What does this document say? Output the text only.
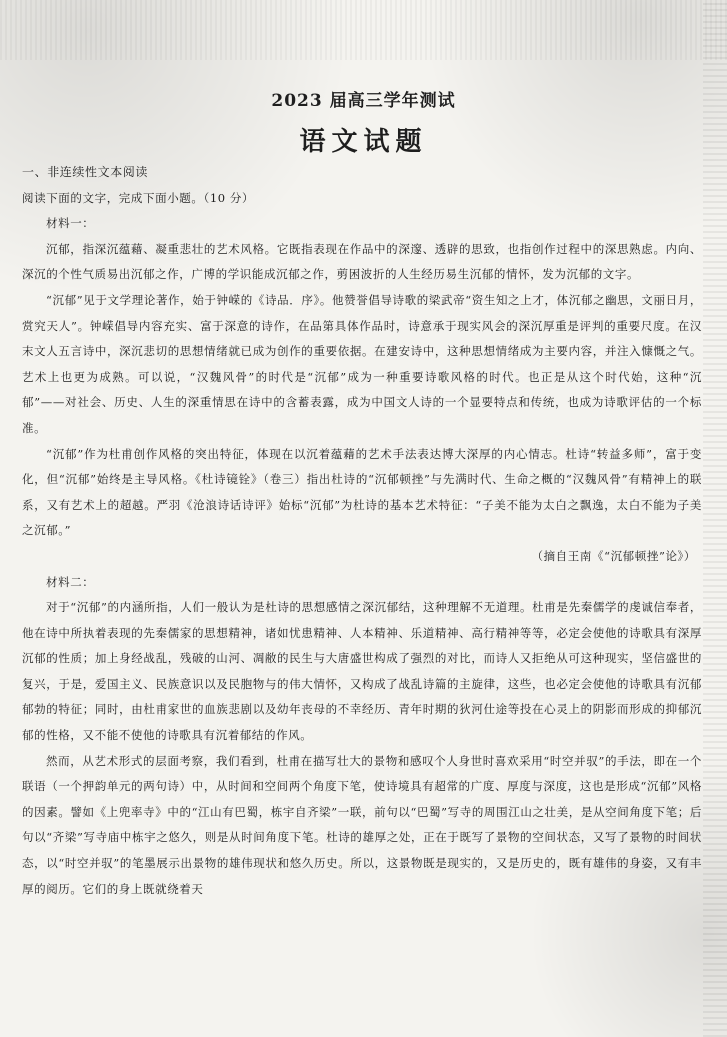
2023 届高三学年测试
语文试题

一、非连续性文本阅读

阅读下面的文字，完成下面小题。（10 分）

材料一：

沉郁，指深沉蕴藉、凝重悲壮的艺术风格。它既指表现在作品中的深邃、透辟的思致，也指创作过程中的深思熟虑。内向、深沉的个性气质易出沉郁之作，广博的学识能成沉郁之作，剪困波折的人生经历易生沉郁的情怀，发为沉郁的文字。

“沉郁”见于文学理论著作，始于钟嵘的《诗品．序》。他赞誉倡导诗歌的梁武帝“资生知之上才，体沉郁之幽思，文丽日月，赏究天人”。钟嵘倡导内容充实、富于深意的诗作，在品第具体作品时，诗意承于现实风会的深沉厚重是评判的重要尺度。在汉末文人五言诗中，深沉悲切的思想情绪就已成为创作的重要依据。在建安诗中，这种思想情绪成为主要内容，并注入慷慨之气。艺术上也更为成熟。可以说，“汉魏风骨”的时代是“沉郁”成为一种重要诗歌风格的时代。也正是从这个时代始，这种“沉郁”——对社会、历史、人生的深重情思在诗中的含蓄表露，成为中国文人诗的一个显要特点和传统，也成为诗歌评估的一个标准。

“沉郁”作为杜甫创作风格的突出特征，体现在以沉着蕴藉的艺术手法表达博大深厚的内心情志。杜诗“转益多师”，富于变化，但“沉郁”始终是主导风格。《杜诗镜铨》（卷三）指出杜诗的“沉郁顿挫”与先满时代、生命之概的“汉魏风骨”有精神上的联系，又有艺术上的超越。严羽《沧浪诗话诗评》始标“沉郁”为杜诗的基本艺术特征：“子美不能为太白之飘逸，太白不能为子美之沉郁。”

（摘自王南《“沉郁顿挫”论》）

材料二：

对于“沉郁”的内涵所指，人们一般认为是杜诗的思想感情之深沉郁结，这种理解不无道理。杜甫是先秦儒学的虔诚信奉者，他在诗中所执着表现的先秦儒家的思想精神，诸如忧患精神、人本精神、乐道精神、高行精神等等，必定会使他的诗歌具有深厚沉郁的性质；加上身经战乱，残破的山河、凋敝的民生与大唐盛世构成了强烈的对比，而诗人又拒绝从可这种现实，坚信盛世的复兴，于是，爱国主义、民族意识以及民胞物与的伟大情怀，又构成了战乱诗篇的主旋律，这些，也必定会使他的诗歌具有沉郁郁勃的特征；同时，由杜甫家世的血族悲剧以及幼年丧母的不幸经历、青年时期的狄河仕途等投在心灵上的阴影而形成的抑郁沉郁的性格，又不能不使他的诗歌具有沉着郁结的作风。

然而，从艺术形式的层面考察，我们看到，杜甫在描写壮大的景物和感叹个人身世时喜欢采用“时空并驭”的手法，即在一个联语（一个押韵单元的两句诗）中，从时间和空间两个角度下笔，使诗境具有超常的广度、厚度与深度，这也是形成“沉郁”风格的因素。譬如《上兜率寺》中的“江山有巴蜀，栋宇自齐梁”一联，前句以“巴蜀”写寺的周围江山之壮美，是从空间角度下笔；后句以“齐梁”写寺庙中栋宇之悠久，则是从时间角度下笔。杜诗的雄厚之处，正在于既写了景物的空间状态，又写了景物的时间状态，以“时空并驭”的笔墨展示出景物的雄伟现状和悠久历史。所以，这景物既是现实的，又是历史的，既有雄伟的身姿，又有丰厚的阅历。它们的身上既就绕着天
